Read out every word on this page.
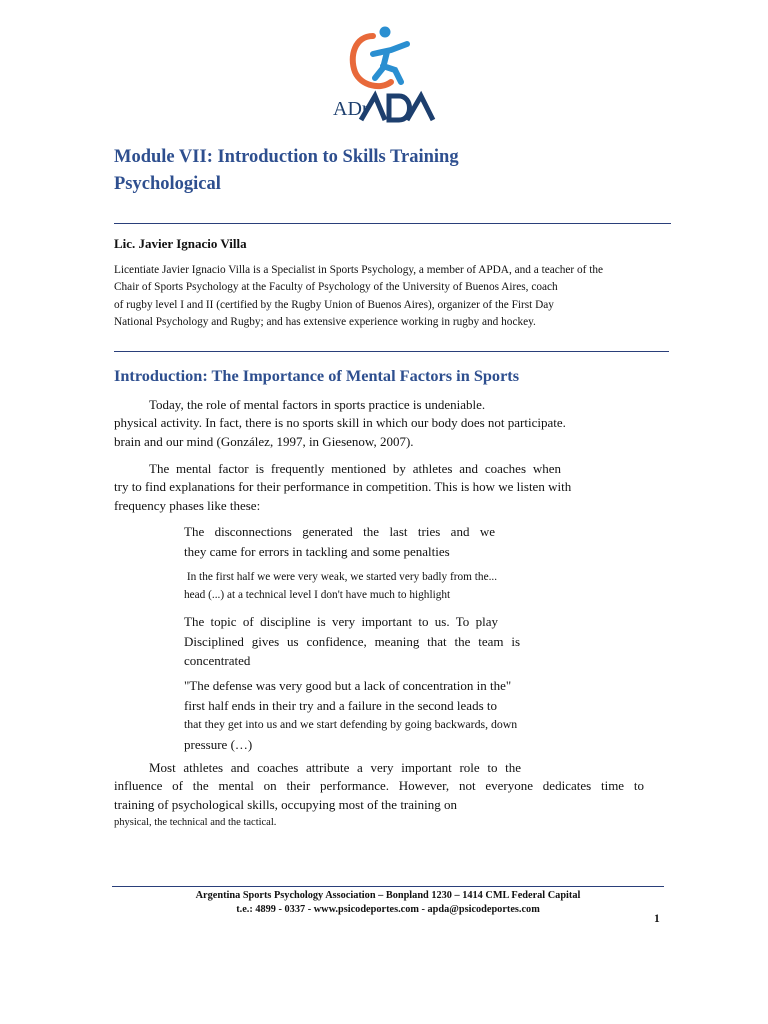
ADr
Module VII: Introduction to Skills Training
Psychological
Lic. Javier Ignacio Villa
Licentiate Javier Ignacio Villa is a Specialist in Sports Psychology, a member of APDA, and a teacher of the
Chair of Sports Psychology at the Faculty of Psychology of the University of Buenos Aires, coach
of rugby level I and II (certified by the Rugby Union of Buenos Aires), organizer of the First Day
National Psychology and Rugby; and has extensive experience working in rugby and hockey.
Introduction: The Importance of Mental Factors in Sports
Today, the role of mental factors in sports practice is undeniable.
physical activity. In fact, there is no sports skill in which our body does not participate.
brain and our mind (González, 1997, in Giesenow, 2007).
The mental factor is frequently mentioned by athletes and coaches when
try to find explanations for their performance in competition. This is how we listen with
frequency phases like these:
The disconnections generated the last tries and we
they came for errors in tackling and some penalties
In the first half we were very weak, we started very badly from the...
head (...) at a technical level I don't have much to highlight
The topic of discipline is very important to us. To play
Disciplined gives us confidence, meaning that the team is
concentrated
"The defense was very good but a lack of concentration in the"
first half ends in their try and a failure in the second leads to
that they get into us and we start defending by going backwards, down
pressure (…)
Most athletes and coaches attribute a very important role to the
influence of the mental on their performance. However, not everyone dedicates time to
training of psychological skills, occupying most of the training on
physical, the technical and the tactical.
Argentina Sports Psychology Association – Bonpland 1230 – 1414 CML Federal Capital
t.e.: 4899 - 0337 - www.psicodeportes.com - apda@psicodeportes.com
1
